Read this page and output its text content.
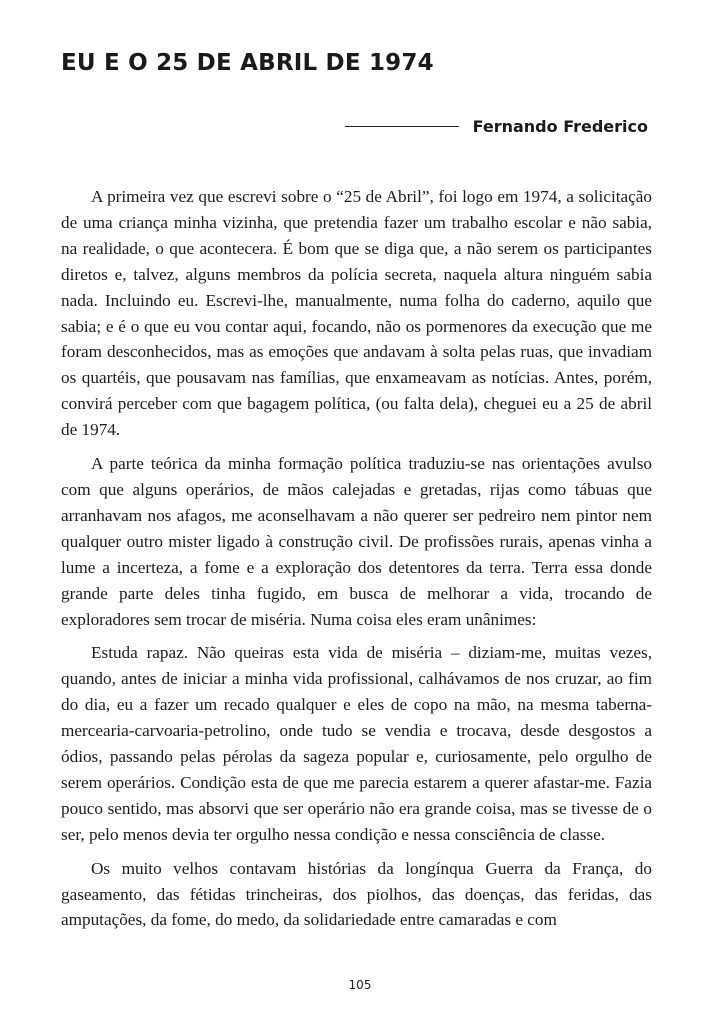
EU E O 25 DE ABRIL DE 1974
Fernando Frederico

A primeira vez que escrevi sobre o “25 de Abril”, foi logo em 1974, a solicitação de uma criança minha vizinha, que pretendia fazer um trabalho escolar e não sabia, na realidade, o que acontecera. É bom que se diga que, a não serem os participantes diretos e, talvez, alguns membros da polícia secreta, naquela altura ninguém sabia nada. Incluindo eu. Escrevi-lhe, manualmente, numa folha do caderno, aquilo que sabia; e é o que eu vou contar aqui, focando, não os pormenores da execução que me foram desconhecidos, mas as emoções que andavam à solta pelas ruas, que invadiam os quartéis, que pousavam nas famílias, que enxameavam as notícias. Antes, porém, convirá perceber com que bagagem política, (ou falta dela), cheguei eu a 25 de abril de 1974.

A parte teórica da minha formação política traduziu-se nas orientações avulso com que alguns operários, de mãos calejadas e gretadas, rijas como tábuas que arranhavam nos afagos, me aconselhavam a não querer ser pedreiro nem pintor nem qualquer outro mister ligado à construção civil. De profissões rurais, apenas vinha a lume a incerteza, a fome e a exploração dos detentores da terra. Terra essa donde grande parte deles tinha fugido, em busca de melhorar a vida, trocando de exploradores sem trocar de miséria. Numa coisa eles eram unânimes:

Estuda rapaz. Não queiras esta vida de miséria – diziam-me, muitas vezes, quando, antes de iniciar a minha vida profissional, calhávamos de nos cruzar, ao fim do dia, eu a fazer um recado qualquer e eles de copo na mão, na mesma taberna-mercearia-carvoaria-petrolino, onde tudo se vendia e trocava, desde desgostos a ódios, passando pelas pérolas da sageza popular e, curiosamente, pelo orgulho de serem operários. Condição esta de que me parecia estarem a querer afastar-me. Fazia pouco sentido, mas absorvi que ser operário não era grande coisa, mas se tivesse de o ser, pelo menos devia ter orgulho nessa condição e nessa consciência de classe.

Os muito velhos contavam histórias da longínqua Guerra da França, do gaseamento, das fétidas trincheiras, dos piolhos, das doenças, das feridas, das amputações, da fome, do medo, da solidariedade entre camaradas e com

105
